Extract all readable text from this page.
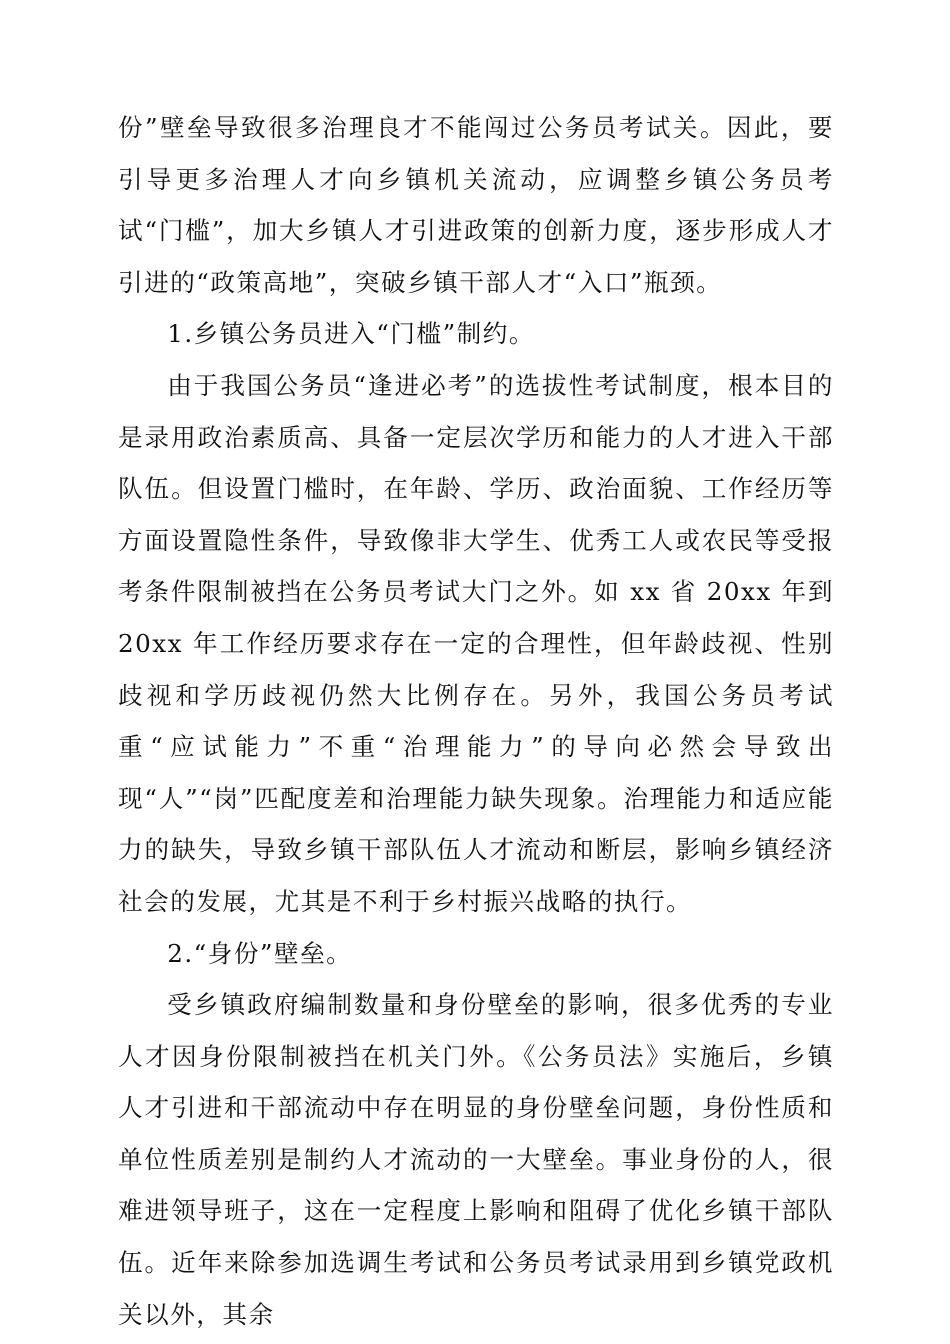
份”壁垒导致很多治理良才不能闯过公务员考试关。因此，要引导更多治理人才向乡镇机关流动，应调整乡镇公务员考试“门槛”，加大乡镇人才引进政策的创新力度，逐步形成人才引进的“政策高地”，突破乡镇干部人才“入口”瓶颈。

1.乡镇公务员进入“门槛”制约。

由于我国公务员“逢进必考”的选拔性考试制度，根本目的是录用政治素质高、具备一定层次学历和能力的人才进入干部队伍。但设置门槛时，在年龄、学历、政治面貌、工作经历等方面设置隐性条件，导致像非大学生、优秀工人或农民等受报考条件限制被挡在公务员考试大门之外。如 xx 省 20xx 年到 20xx 年工作经历要求存在一定的合理性，但年龄歧视、性别歧视和学历歧视仍然大比例存在。另外，我国公务员考试重“应试能力”不重“治理能力”的导向必然会导致出现“人”“岗”匹配度差和治理能力缺失现象。治理能力和适应能力的缺失，导致乡镇干部队伍人才流动和断层，影响乡镇经济社会的发展，尤其是不利于乡村振兴战略的执行。

2.“身份”壁垒。

受乡镇政府编制数量和身份壁垒的影响，很多优秀的专业人才因身份限制被挡在机关门外。《公务员法》实施后，乡镇人才引进和干部流动中存在明显的身份壁垒问题，身份性质和单位性质差别是制约人才流动的一大壁垒。事业身份的人，很难进领导班子，这在一定程度上影响和阻碍了优化乡镇干部队伍。近年来除参加选调生考试和公务员考试录用到乡镇党政机关以外，其余
